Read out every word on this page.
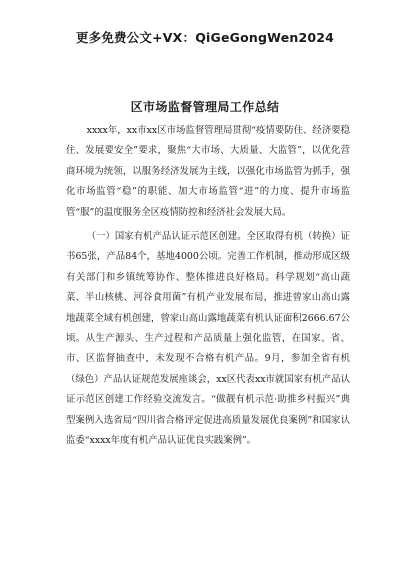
更多免费公文+VX：QiGeGongWen2024
区市场监督管理局工作总结

xxxx年，xx市xx区市场监督管理局贯彻“疫情要防住、经济要稳住、发展要安全”要求，聚焦“大市场、大质量、大监管”，以优化营商环境为统领，以服务经济发展为主线，以强化市场监管为抓手，强化市场监管“稳”的职能、加大市场监管“进”的力度、提升市场监管“服”的温度服务全区疫情防控和经济社会发展大局。

（一）国家有机产品认证示范区创建。全区取得有机（转换）证书65张，产品84个，基地4000公顷。完善工作机制，推动形成区级有关部门和乡镇统筹协作、整体推进良好格局。科学规划“高山蔬菜、半山核桃、河谷食用菌”有机产业发展布局，推进曾家山高山露地蔬菜全域有机创建，曾家山高山露地蔬菜有机认证面积2666.67公顷。从生产源头、生产过程和产品质量上强化监管，在国家、省、市、区监督抽查中，未发现不合格有机产品。9月，参加全省有机（绿色）产品认证规范发展座谈会，xx区代表xx市就国家有机产品认证示范区创建工作经验交流发言。“做靓有机示范·助推乡村振兴”典型案例入选省局“四川省合格评定促进高质量发展优良案例”和国家认监委“xxxx年度有机产品认证优良实践案例”。
